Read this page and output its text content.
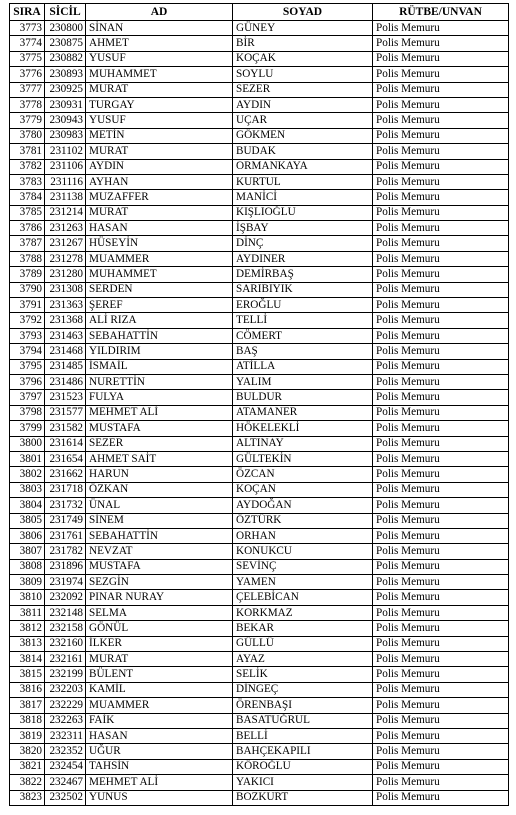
SIRA	SİCİL	AD	SOYAD	RÜTBE/UNVAN
3773	230800	SİNAN	GÜNEY	Polis Memuru
3774	230875	AHMET	BİR	Polis Memuru
3775	230882	YUSUF	KOÇAK	Polis Memuru
3776	230893	MUHAMMET	SOYLU	Polis Memuru
3777	230925	MURAT	SEZER	Polis Memuru
3778	230931	TURGAY	AYDIN	Polis Memuru
3779	230943	YUSUF	UÇAR	Polis Memuru
3780	230983	METİN	GÖKMEN	Polis Memuru
3781	231102	MURAT	BUDAK	Polis Memuru
3782	231106	AYDIN	ORMANKAYA	Polis Memuru
3783	231116	AYHAN	KURTUL	Polis Memuru
3784	231138	MUZAFFER	MANİCİ	Polis Memuru
3785	231214	MURAT	KIŞLIOĞLU	Polis Memuru
3786	231263	HASAN	İŞBAY	Polis Memuru
3787	231267	HÜSEYİN	DİNÇ	Polis Memuru
3788	231278	MUAMMER	AYDINER	Polis Memuru
3789	231280	MUHAMMET	DEMİRBAŞ	Polis Memuru
3790	231308	SERDEN	SARIBIYIK	Polis Memuru
3791	231363	ŞEREF	EROĞLU	Polis Memuru
3792	231368	ALİ RIZA	TELLİ	Polis Memuru
3793	231463	SEBAHATTİN	CÖMERT	Polis Memuru
3794	231468	YILDIRIM	BAŞ	Polis Memuru
3795	231485	İSMAİL	ATİLLA	Polis Memuru
3796	231486	NURETTİN	YALIM	Polis Memuru
3797	231523	FULYA	BULDUR	Polis Memuru
3798	231577	MEHMET ALİ	ATAMANER	Polis Memuru
3799	231582	MUSTAFA	HÖKELEKLİ	Polis Memuru
3800	231614	SEZER	ALTINAY	Polis Memuru
3801	231654	AHMET SAİT	GÜLTEKİN	Polis Memuru
3802	231662	HARUN	ÖZCAN	Polis Memuru
3803	231718	ÖZKAN	KOÇAN	Polis Memuru
3804	231732	ÜNAL	AYDOĞAN	Polis Memuru
3805	231749	SİNEM	ÖZTÜRK	Polis Memuru
3806	231761	SEBAHATTİN	ORHAN	Polis Memuru
3807	231782	NEVZAT	KONUKCU	Polis Memuru
3808	231896	MUSTAFA	SEVİNÇ	Polis Memuru
3809	231974	SEZGİN	YAMEN	Polis Memuru
3810	232092	PINAR NURAY	ÇELEBİCAN	Polis Memuru
3811	232148	SELMA	KORKMAZ	Polis Memuru
3812	232158	GÖNÜL	BEKAR	Polis Memuru
3813	232160	İLKER	GÜLLÜ	Polis Memuru
3814	232161	MURAT	AYAZ	Polis Memuru
3815	232199	BÜLENT	SELİK	Polis Memuru
3816	232203	KAMİL	DİNGEÇ	Polis Memuru
3817	232229	MUAMMER	ÖRENBAŞI	Polis Memuru
3818	232263	FAİK	BASATUĞRUL	Polis Memuru
3819	232311	HASAN	BELLİ	Polis Memuru
3820	232352	UĞUR	BAHÇEKAPILI	Polis Memuru
3821	232454	TAHSİN	KÖROĞLU	Polis Memuru
3822	232467	MEHMET ALİ	YAKICI	Polis Memuru
3823	232502	YUNUS	BOZKURT	Polis Memuru
